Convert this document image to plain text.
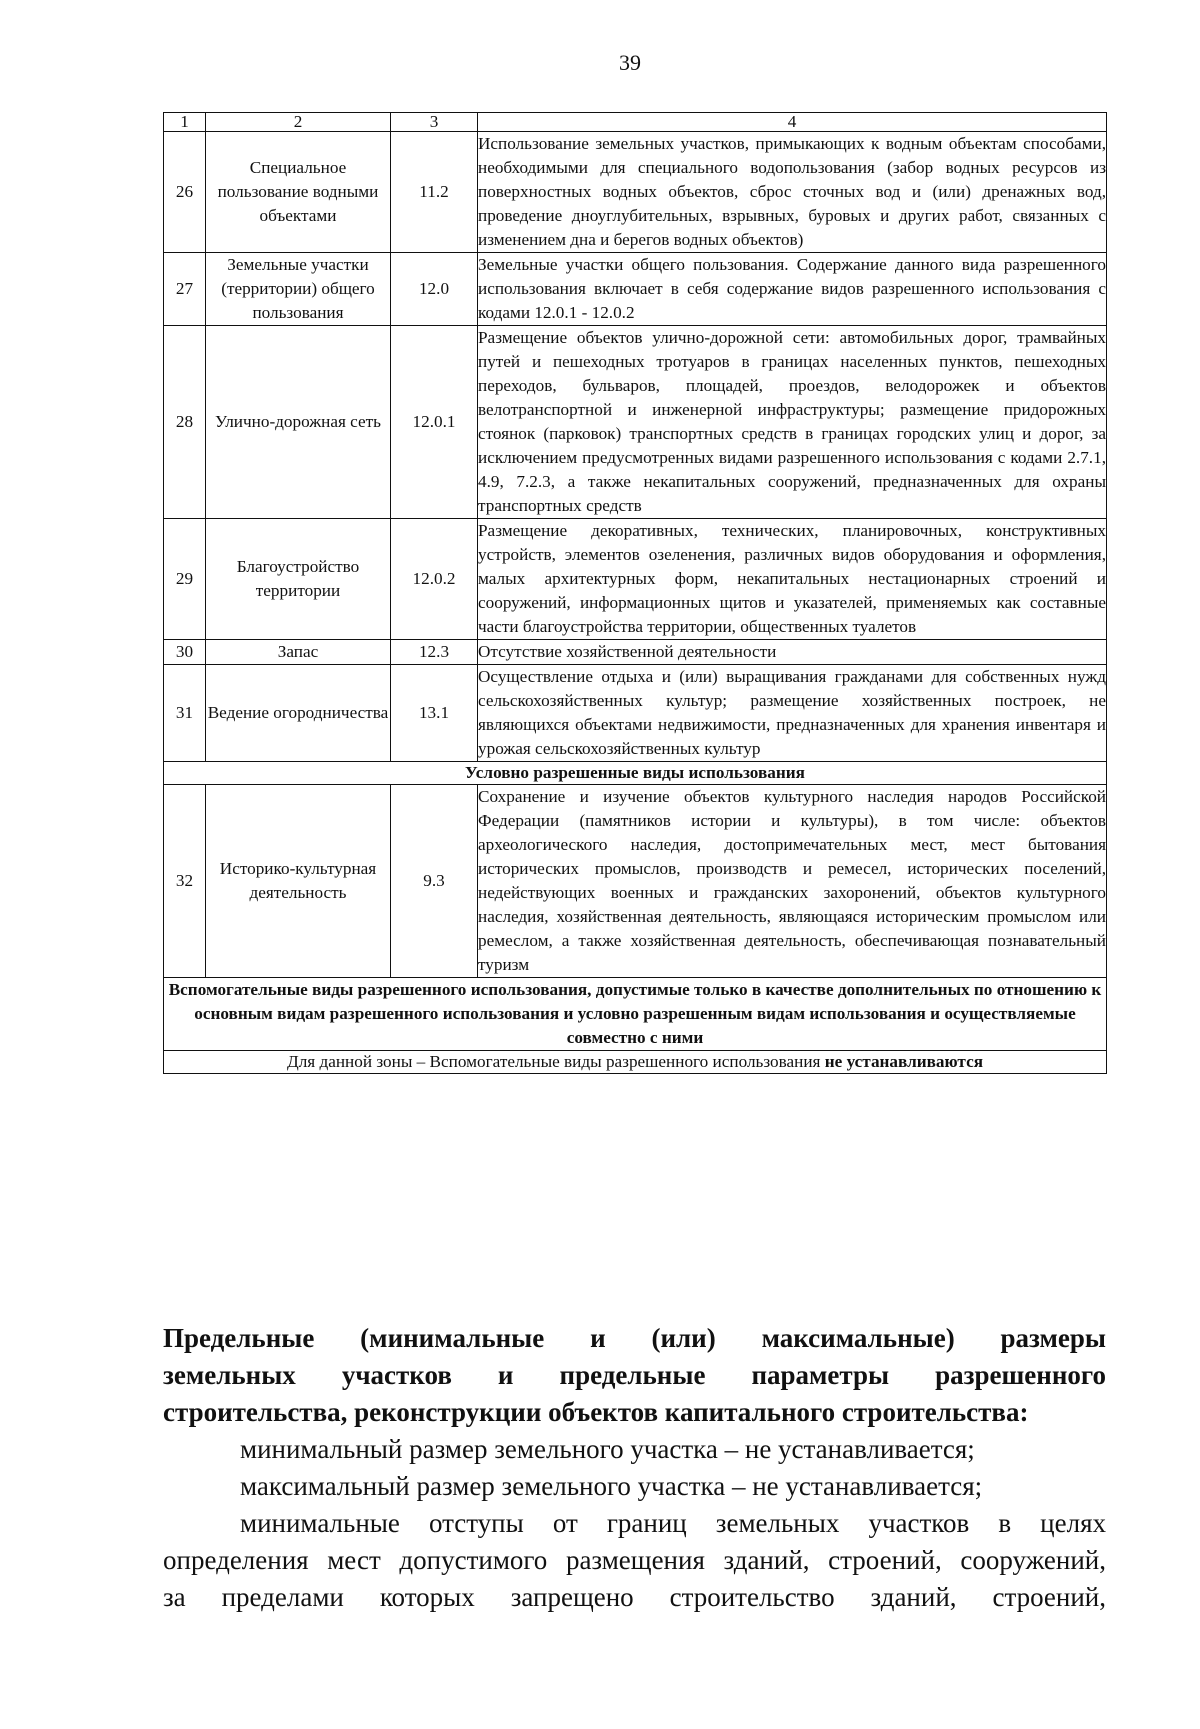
39
1	2	3	4
26	Специальное пользование водными объектами	11.2	Использование земельных участков, примыкающих к водным объектам способами, необходимыми для специального водопользования (забор водных ресурсов из поверхностных водных объектов, сброс сточных вод и (или) дренажных вод, проведение дноуглубительных, взрывных, буровых и других работ, связанных с изменением дна и берегов водных объектов)
27	Земельные участки (территории) общего пользования	12.0	Земельные участки общего пользования. Содержание данного вида разрешенного использования включает в себя содержание видов разрешенного использования с кодами 12.0.1 - 12.0.2
28	Улично-дорожная сеть	12.0.1	Размещение объектов улично-дорожной сети: автомобильных дорог, трамвайных путей и пешеходных тротуаров в границах населенных пунктов, пешеходных переходов, бульваров, площадей, проездов, велодорожек и объектов велотранспортной и инженерной инфраструктуры; размещение придорожных стоянок (парковок) транспортных средств в границах городских улиц и дорог, за исключением предусмотренных видами разрешенного использования с кодами 2.7.1, 4.9, 7.2.3, а также некапитальных сооружений, предназначенных для охраны транспортных средств
29	Благоустройство территории	12.0.2	Размещение декоративных, технических, планировочных, конструктивных устройств, элементов озеленения, различных видов оборудования и оформления, малых архитектурных форм, некапитальных нестационарных строений и сооружений, информационных щитов и указателей, применяемых как составные части благоустройства территории, общественных туалетов
30	Запас	12.3	Отсутствие хозяйственной деятельности
31	Ведение огородничества	13.1	Осуществление отдыха и (или) выращивания гражданами для собственных нужд сельскохозяйственных культур; размещение хозяйственных построек, не являющихся объектами недвижимости, предназначенных для хранения инвентаря и урожая сельскохозяйственных культур
Условно разрешенные виды использования			
32	Историко-культурная деятельность	9.3	Сохранение и изучение объектов культурного наследия народов Российской Федерации (памятников истории и культуры), в том числе: объектов археологического наследия, достопримечательных мест, мест бытования исторических промыслов, производств и ремесел, исторических поселений, недействующих военных и гражданских захоронений, объектов культурного наследия, хозяйственная деятельность, являющаяся историческим промыслом или ремеслом, а также хозяйственная деятельность, обеспечивающая познавательный туризм
Вспомогательные виды разрешенного использования, допустимые только в качестве дополнительных по отношению к основным видам разрешенного использования и условно разрешенным видам использования и осуществляемые совместно с ними			
Для данной зоны – Вспомогательные виды разрешенного использования не устанавливаются			
Предельные (минимальные и (или) максимальные) размеры
земельных участков и предельные параметры разрешенного
строительства, реконструкции объектов капитального строительства:
минимальный размер земельного участка – не устанавливается;
максимальный размер земельного участка – не устанавливается;
минимальные отступы от границ земельных участков в целях
определения мест допустимого размещения зданий, строений, сооружений,
за пределами которых запрещено строительство зданий, строений,
